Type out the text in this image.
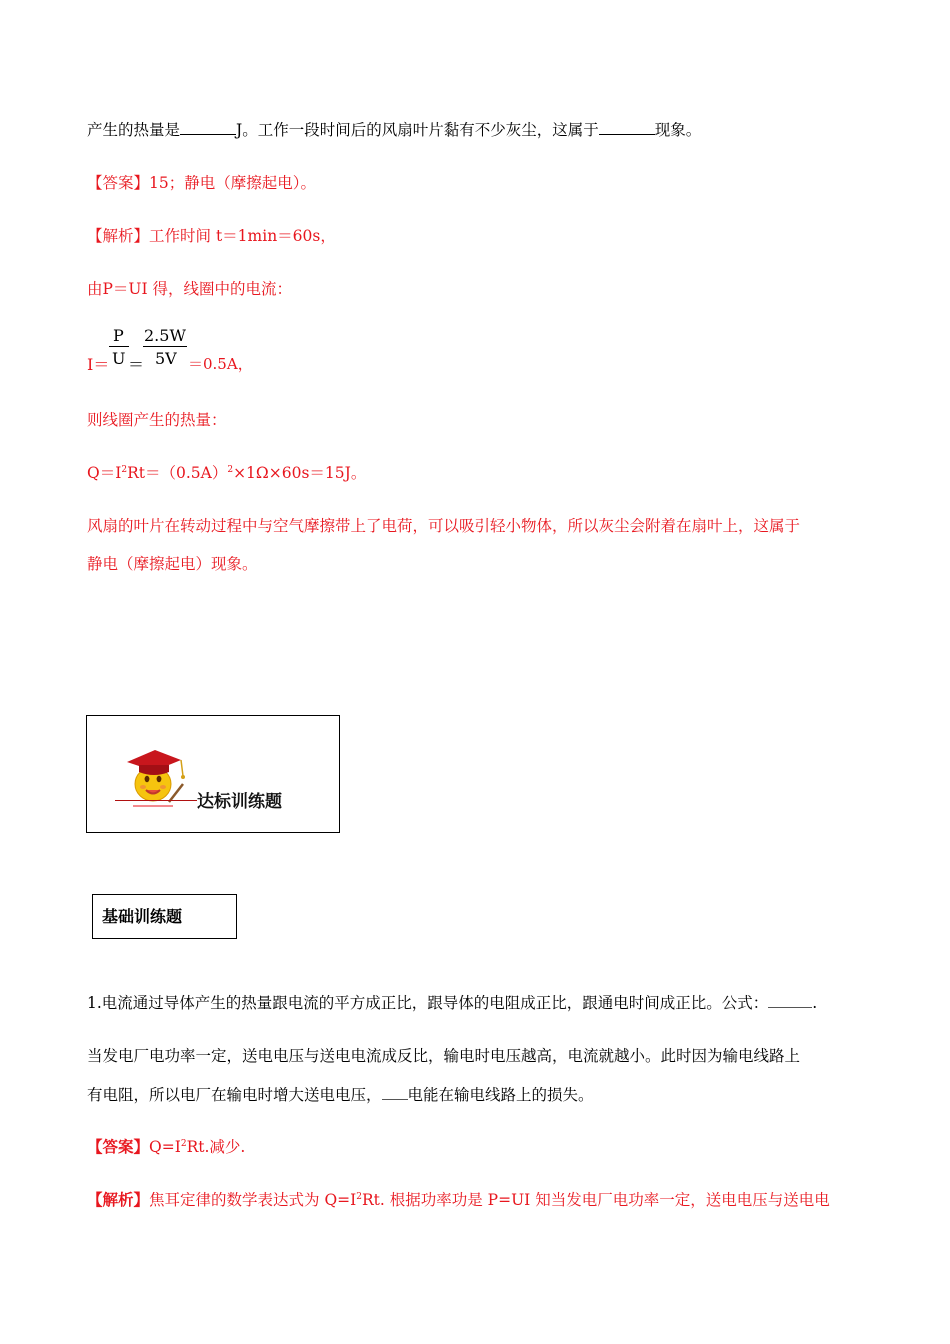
产生的热量是	J。工作一段时间后的风扇叶片黏有不少灰尘，这属于	现象。
【答案】15；静电（摩擦起电）。
【解析】工作时间 t＝1min＝60s，
由P＝UI 得，线圈中的电流：
I＝
P
U ＝
2.5W
5V ＝0.5A，
则线圈产生的热量：
$Q=I^2Rt=(0.5A)^2\times 1\Omega\times 60s=15J$。
风扇的叶片在转动过程中与空气摩擦带上了电荷，可以吸引轻小物体，所以灰尘会附着在扇叶上，这属于
静电（摩擦起电）现象。
达标训练题
基础训练题
1.电流通过导体产生的热量跟电流的平方成正比，跟导体的电阻成正比，跟通电时间成正比。公式：	.
当发电厂电功率一定，送电电压与送电电流成反比，输电时电压越高，电流就越小。此时因为输电线路上
有电阻，所以电厂在输电时增大送电电压， 电能在输电线路上的损失。
【答案】$Q=I^2Rt$.减少.
【解析】焦耳定律的数学表达式为 $Q=I^2Rt$. 根据功率功是 P=UI 知当发电厂电功率一定，送电电压与送电电
